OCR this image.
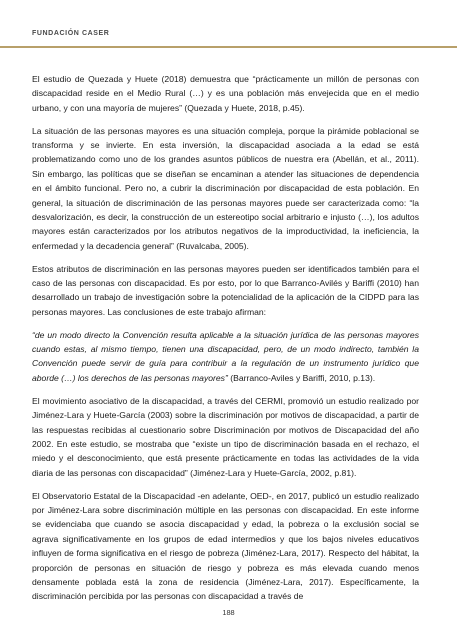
FUNDACIÓN CASER

El estudio de Quezada y Huete (2018) demuestra que “prácticamente un millón de personas con discapacidad reside en el Medio Rural (…) y es una población más envejecida que en el medio urbano, y con una mayoría de mujeres” (Quezada y Huete, 2018, p.45).

La situación de las personas mayores es una situación compleja, porque la pirámide poblacional se transforma y se invierte. En esta inversión, la discapacidad asociada a la edad se está problematizando como uno de los grandes asuntos públicos de nuestra era (Abellán, et al., 2011). Sin embargo, las políticas que se diseñan se encaminan a atender las situaciones de dependencia en el ámbito funcional. Pero no, a cubrir la discriminación por discapacidad de esta población. En general, la situación de discriminación de las personas mayores puede ser caracterizada como: “la desvalorización, es decir, la construcción de un estereotipo social arbitrario e injusto (…), los adultos mayores están caracterizados por los atributos negativos de la improductividad, la ineficiencia, la enfermedad y la decadencia general” (Ruvalcaba, 2005).

Estos atributos de discriminación en las personas mayores pueden ser identificados también para el caso de las personas con discapacidad. Es por esto, por lo que Barranco-Avilés y Bariffi (2010) han desarrollado un trabajo de investigación sobre la potencialidad de la aplicación de la CIDPD para las personas mayores. Las conclusiones de este trabajo afirman:

“de un modo directo la Convención resulta aplicable a la situación jurídica de las personas mayores cuando estas, al mismo tiempo, tienen una discapacidad, pero, de un modo indirecto, también la Convención puede servir de guía para contribuir a la regulación de un instrumento jurídico que aborde (…) los derechos de las personas mayores” (Barranco-Aviles y Bariffi, 2010, p.13).

El movimiento asociativo de la discapacidad, a través del CERMI, promovió un estudio realizado por Jiménez-Lara y Huete-García (2003) sobre la discriminación por motivos de discapacidad, a partir de las respuestas recibidas al cuestionario sobre Discriminación por motivos de Discapacidad del año 2002. En este estudio, se mostraba que “existe un tipo de discriminación basada en el rechazo, el miedo y el desconocimiento, que está presente prácticamente en todas las actividades de la vida diaria de las personas con discapacidad” (Jiménez-Lara y Huete-García, 2002, p.81).

El Observatorio Estatal de la Discapacidad -en adelante, OED-, en 2017, publicó un estudio realizado por Jiménez-Lara sobre discriminación múltiple en las personas con discapacidad. En este informe se evidenciaba que cuando se asocia discapacidad y edad, la pobreza o la exclusión social se agrava significativamente en los grupos de edad intermedios y que los bajos niveles educativos influyen de forma significativa en el riesgo de pobreza (Jiménez-Lara, 2017). Respecto del hábitat, la proporción de personas en situación de riesgo y pobreza es más elevada cuando menos densamente poblada está la zona de residencia (Jiménez-Lara, 2017). Específicamente, la discriminación percibida por las personas con discapacidad a través de

188
